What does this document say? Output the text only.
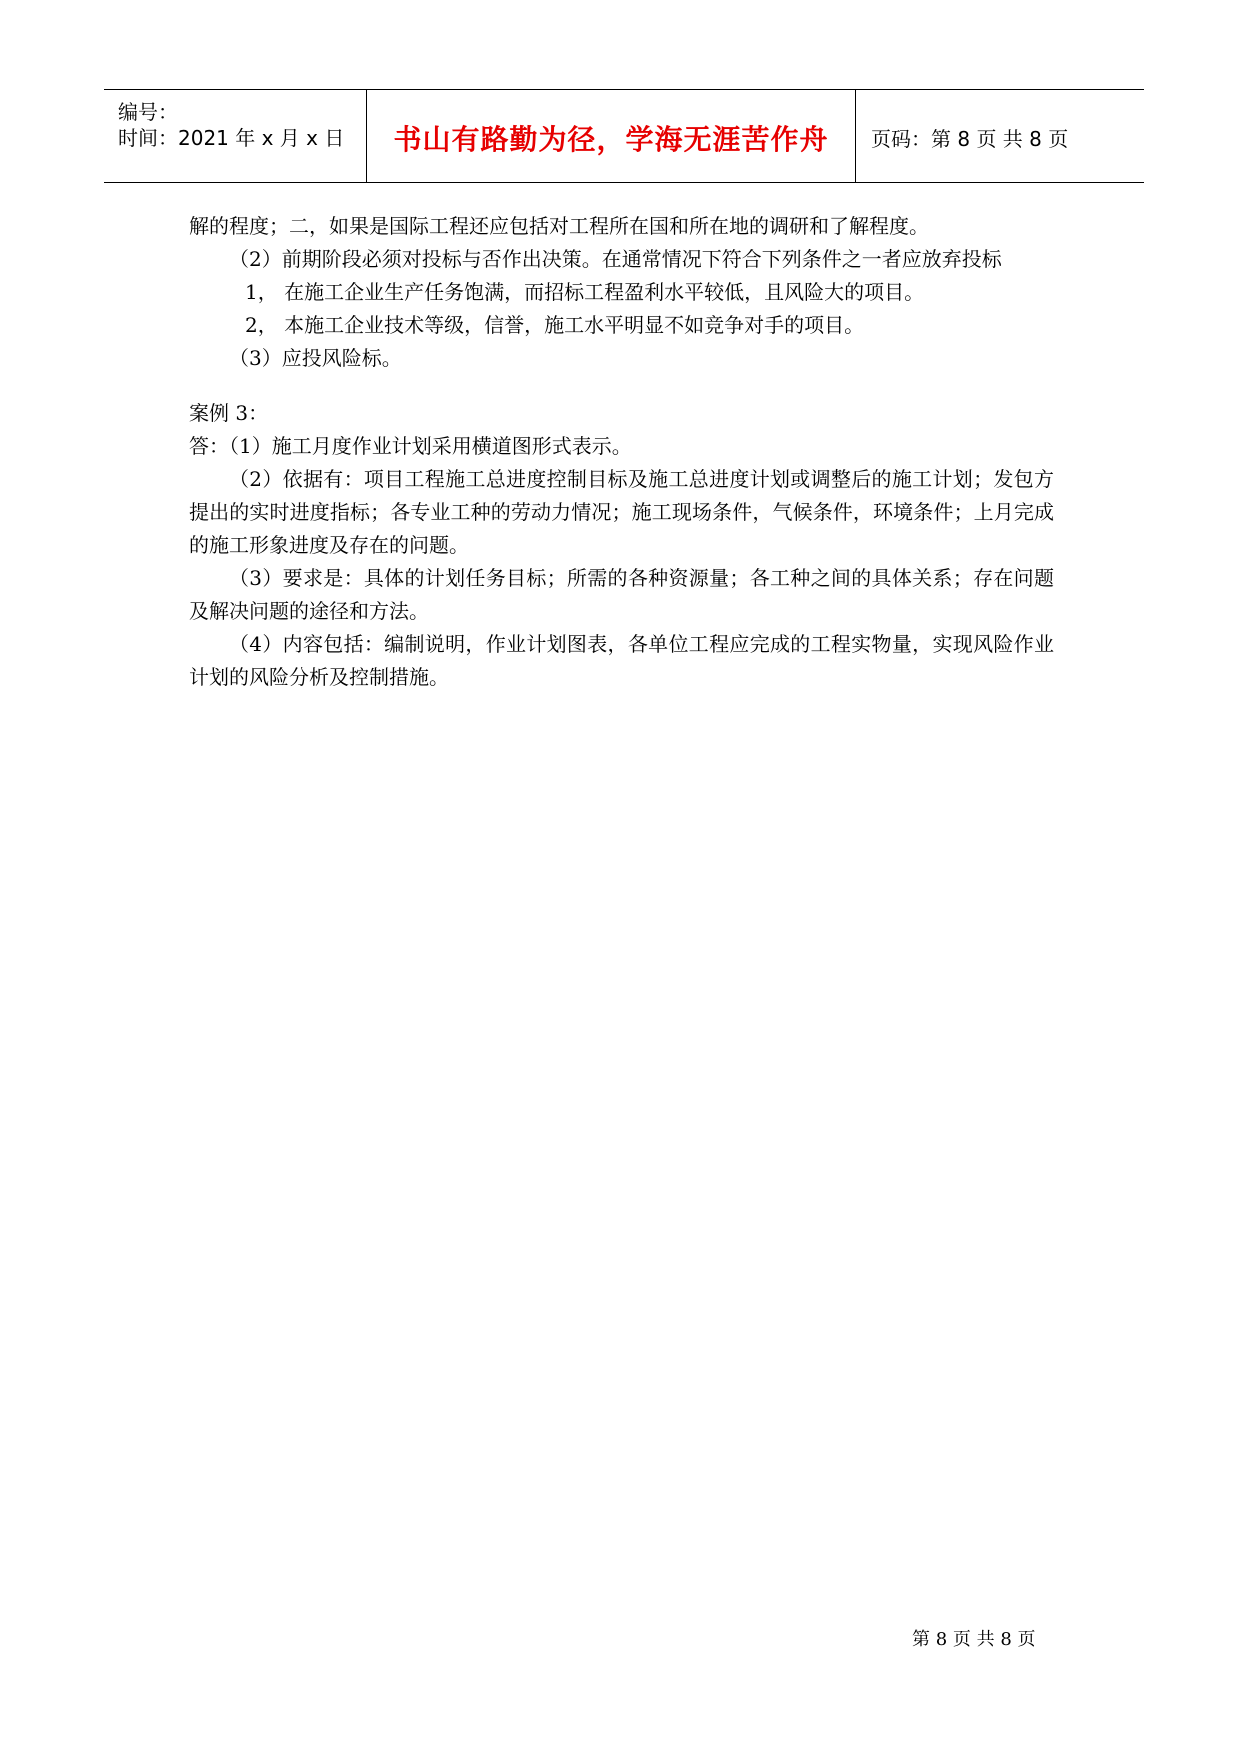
编号：
时间：2021 年 x 月 x 日	书山有路勤为径，学海无涯苦作舟	页码：第 8 页 共 8 页

解的程度；二，如果是国际工程还应包括对工程所在国和所在地的调研和了解程度。

（2）前期阶段必须对投标与否作出决策。在通常情况下符合下列条件之一者应放弃投标

1， 在施工企业生产任务饱满，而招标工程盈利水平较低，且风险大的项目。

2， 本施工企业技术等级，信誉，施工水平明显不如竞争对手的项目。

（3）应投风险标。

案例 3：

答：（1）施工月度作业计划采用横道图形式表示。

（2）依据有：项目工程施工总进度控制目标及施工总进度计划或调整后的施工计划；发包方提出的实时进度指标；各专业工种的劳动力情况；施工现场条件，气候条件，环境条件；上月完成的施工形象进度及存在的问题。

（3）要求是：具体的计划任务目标；所需的各种资源量；各工种之间的具体关系；存在问题及解决问题的途径和方法。

（4）内容包括：编制说明，作业计划图表，各单位工程应完成的工程实物量，实现风险作业计划的风险分析及控制措施。

第 8 页 共 8 页
